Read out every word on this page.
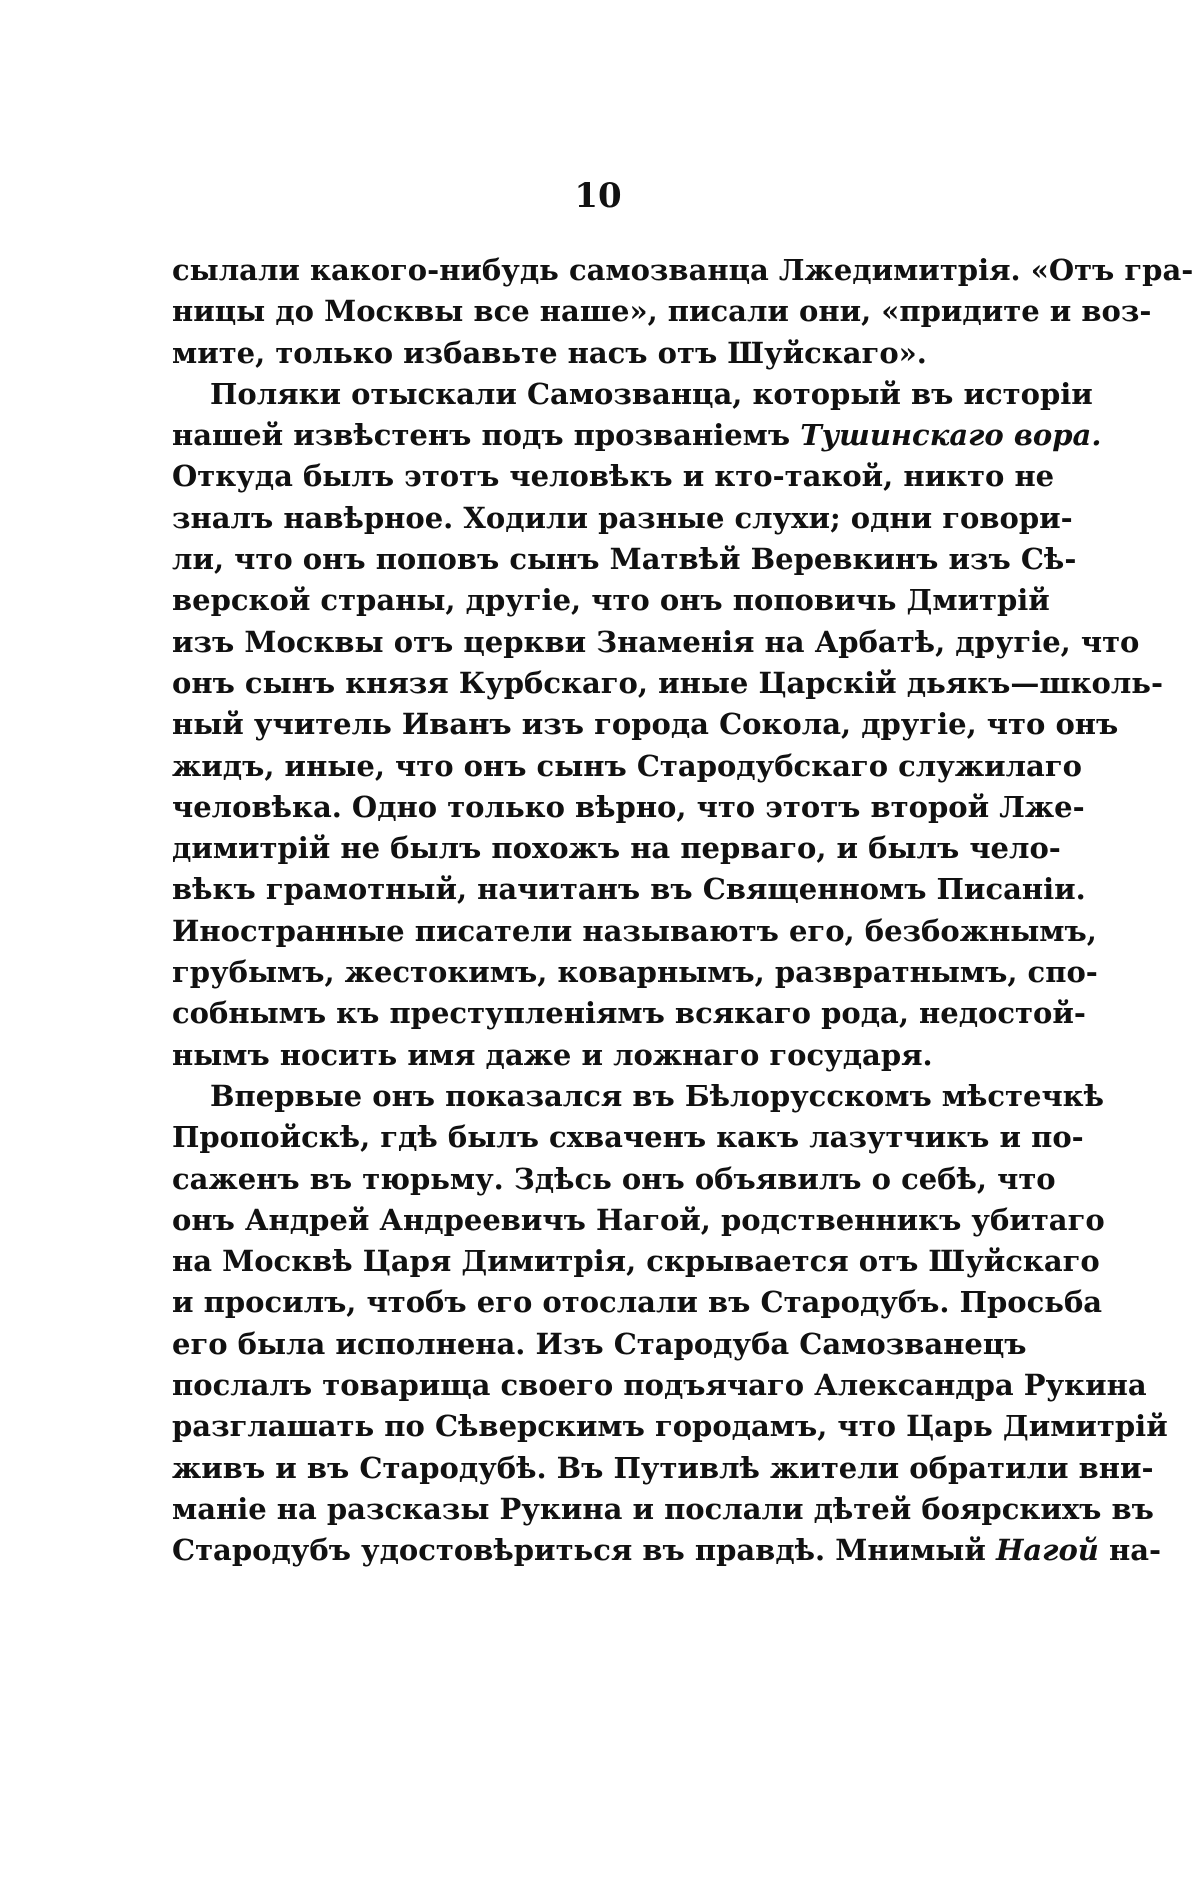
10
сылали какого-нибудь самозванца Лжедимитрія. «Отъ гра-
ницы до Москвы все наше», писали они, «придите и воз-
мите, только избавьте насъ отъ Шуйскаго».
Поляки отыскали Самозванца, который въ исторіи
нашей извѣстенъ подъ прозваніемъ Тушинскаго вора.
Откуда былъ этотъ человѣкъ и кто-такой, никто не
зналъ навѣрное. Ходили разные слухи; одни говори-
ли, что онъ поповъ сынъ Матвѣй Веревкинъ изъ Сѣ-
верской страны, другіе, что онъ поповичь Дмитрій
изъ Москвы отъ церкви Знаменія на Арбатѣ, другіе, что
онъ сынъ князя Курбскаго, иные Царскій дьякъ—школь-
ный учитель Иванъ изъ города Сокола, другіе, что онъ
жидъ, иные, что онъ сынъ Стародубскаго служилаго
человѣка. Одно только вѣрно, что этотъ второй Лже-
димитрій не былъ похожъ на перваго, и былъ чело-
вѣкъ грамотный, начитанъ въ Священномъ Писаніи.
Иностранные писатели называютъ его, безбожнымъ,
грубымъ, жестокимъ, коварнымъ, развратнымъ, спо-
собнымъ къ преступленіямъ всякаго рода, недостой-
нымъ носить имя даже и ложнаго государя.
Впервые онъ показался въ Бѣлорусскомъ мѣстечкѣ
Пропойскѣ, гдѣ былъ схваченъ какъ лазутчикъ и по-
саженъ въ тюрьму. Здѣсь онъ объявилъ о себѣ, что
онъ Андрей Андреевичъ Нагой, родственникъ убитаго
на Москвѣ Царя Димитрія, скрывается отъ Шуйскаго
и просилъ, чтобъ его отослали въ Стародубъ. Просьба
его была исполнена. Изъ Стародуба Самозванецъ
послалъ товарища своего подъячаго Александра Рукина
разглашать по Сѣверскимъ городамъ, что Царь Димитрій
живъ и въ Стародубѣ. Въ Путивлѣ жители обратили вни-
маніе на разсказы Рукина и послали дѣтей боярскихъ въ
Стародубъ удостовѣриться въ правдѣ. Мнимый Нагой на-
